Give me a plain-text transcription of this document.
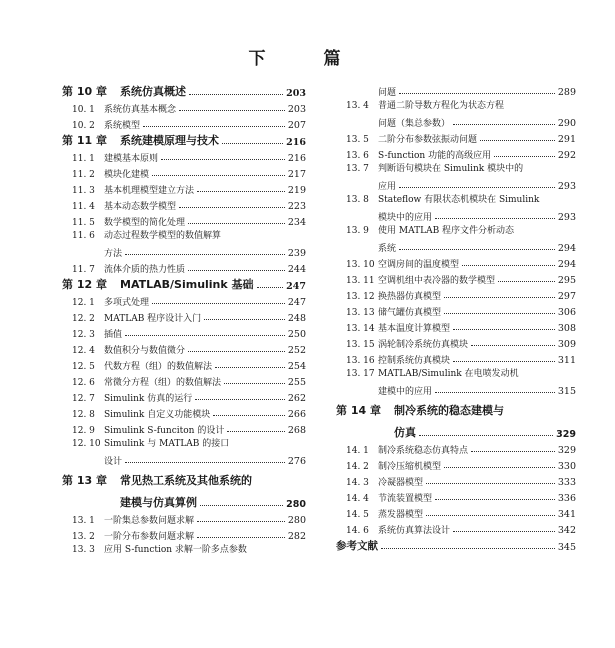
下 篇
第 10 章	系统仿真概述	203
10. 1	系统仿真基本概念	203
10. 2	系统模型	207
第 11 章	系统建模原理与技术	216
11. 1	建模基本原则	216
11. 2	模块化建模	217
11. 3	基本机理模型建立方法	219
11. 4	基本动态数学模型	223
11. 5	数学模型的简化处理	234
11. 6 动态过程数学模型的数值解算
方法	239
11. 7	流体介质的热力性质	244
第 12 章	MATLAB/Simulink 基础	247
12. 1	多项式处理	247
12. 2	MATLAB 程序设计入门	248
12. 3	插值	250
12. 4	数值积分与数值微分	252
12. 5	代数方程（组）的数值解法	254
12. 6	常微分方程（组）的数值解法	255
12. 7	Simulink 仿真的运行	262
12. 8	Simulink 自定义功能模块	266
12. 9	Simulink S-funciton 的设计	268
12. 10 Simulink 与 MATLAB 的接口
设计	276
第 13 章 常见热工系统及其他系统的
建模与仿真算例	280
13. 1	一阶集总参数问题求解	280
13. 2	一阶分布参数问题求解	282
13. 3 应用 S-function 求解一阶多点参数
问题	289
13. 4 普通二阶导数方程化为状态方程
问题（集总参数）	290
13. 5	二阶分布参数弦振动问题	291
13. 6	S-function 功能的高级应用	292
13. 7 判断语句模块在 Simulink 模块中的
应用	293
13. 8 Stateflow 有限状态机模块在 Simulink
模块中的应用	293
13. 9 使用 MATLAB 程序文件分析动态
系统	294
13. 10 空调房间的温度模型	294
13. 11 空调机组中表冷器的数学模型	295
13. 12 换热器仿真模型	297
13. 13 储气罐仿真模型	306
13. 14 基本温度计算模型	308
13. 15 涡轮制冷系统仿真模块	309
13. 16 控制系统仿真模块	311
13. 17 MATLAB/Simulink 在电喷发动机
建模中的应用	315
第 14 章 制冷系统的稳态建模与
仿真	329
14. 1	制冷系统稳态仿真特点	329
14. 2	制冷压缩机模型	330
14. 3	冷凝器模型	333
14. 4	节流装置模型	336
14. 5	蒸发器模型	341
14. 6	系统仿真算法设计	342
参考文献	345
